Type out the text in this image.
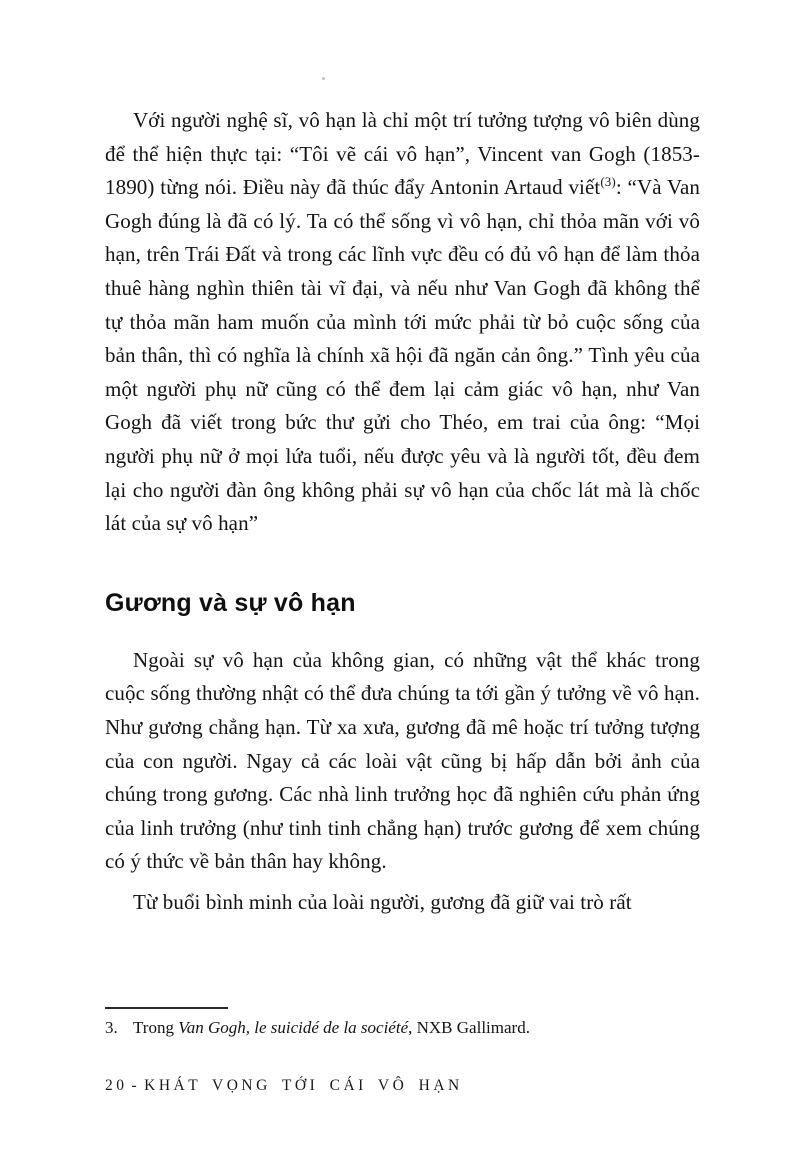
Với người nghệ sĩ, vô hạn là chỉ một trí tưởng tượng vô biên dùng để thể hiện thực tại: “Tôi vẽ cái vô hạn”, Vincent van Gogh (1853-1890) từng nói. Điều này đã thúc đẩy Antonin Artaud viết$^{(3)}$: “Và Van Gogh đúng là đã có lý. Ta có thể sống vì vô hạn, chỉ thỏa mãn với vô hạn, trên Trái Đất và trong các lĩnh vực đều có đủ vô hạn để làm thỏa thuê hàng nghìn thiên tài vĩ đại, và nếu như Van Gogh đã không thể tự thỏa mãn ham muốn của mình tới mức phải từ bỏ cuộc sống của bản thân, thì có nghĩa là chính xã hội đã ngăn cản ông.” Tình yêu của một người phụ nữ cũng có thể đem lại cảm giác vô hạn, như Van Gogh đã viết trong bức thư gửi cho Théo, em trai của ông: “Mọi người phụ nữ ở mọi lứa tuổi, nếu được yêu và là người tốt, đều đem lại cho người đàn ông không phải sự vô hạn của chốc lát mà là chốc lát của sự vô hạn”

Gương và sự vô hạn

Ngoài sự vô hạn của không gian, có những vật thể khác trong cuộc sống thường nhật có thể đưa chúng ta tới gần ý tưởng về vô hạn. Như gương chẳng hạn. Từ xa xưa, gương đã mê hoặc trí tưởng tượng của con người. Ngay cả các loài vật cũng bị hấp dẫn bởi ảnh của chúng trong gương. Các nhà linh trưởng học đã nghiên cứu phản ứng của linh trưởng (như tinh tinh chẳng hạn) trước gương để xem chúng có ý thức về bản thân hay không.

Từ buổi bình minh của loài người, gương đã giữ vai trò rất

3. Trong Van Gogh, le suicidé de la société, NXB Gallimard.

20 - KHÁT VỌNG TỚI CÁI VÔ HẠN
